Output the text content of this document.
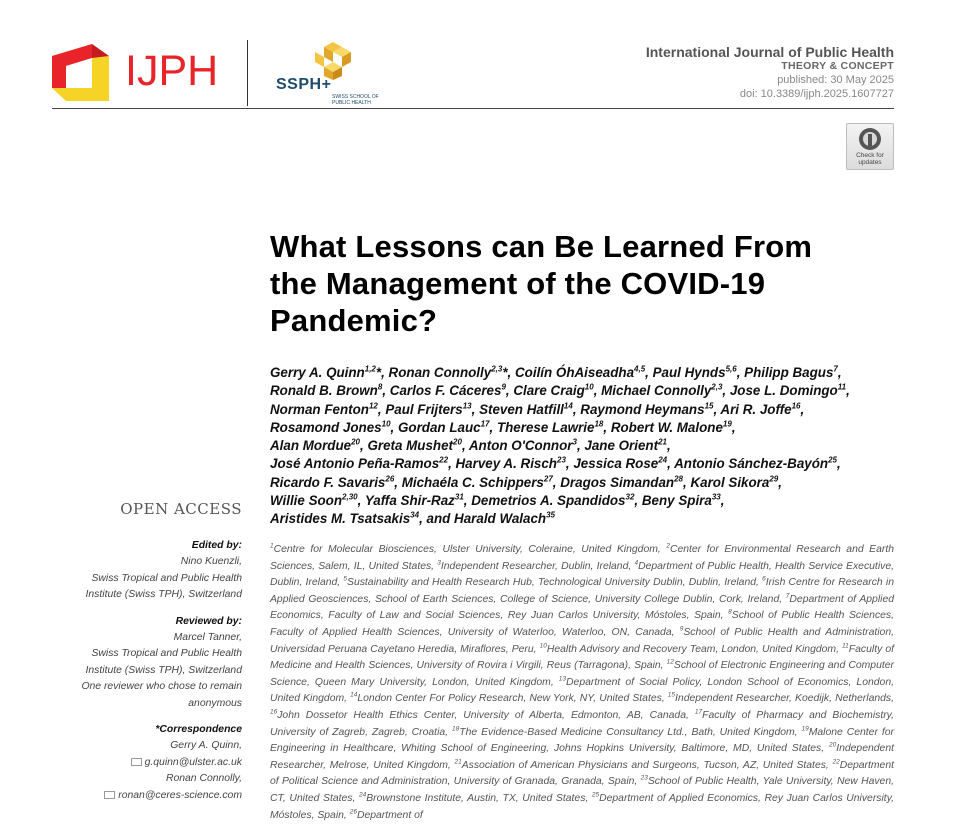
IJPH	SSPH+
SWISS SCHOOL OF PUBLIC HEALTH
International Journal of Public Health
THEORY & CONCEPT
published: 30 May 2025
doi: 10.3389/ijph.2025.1607727
Check for
updates
What Lessons can Be Learned From
the Management of the COVID-19
Pandemic?
Gerry A. Quinn$^{1,2}$*, Ronan Connolly$^{2,3}$*, Coilín ÓhAiseadha$^{4,5}$, Paul Hynds$^{5,6}$, Philipp Bagus$^7$,
Ronald B. Brown$^8$, Carlos F. Cáceres$^9$, Clare Craig$^{10}$, Michael Connolly$^{2,3}$, Jose L. Domingo$^{11}$,
Norman Fenton$^{12}$, Paul Frijters$^{13}$, Steven Hatfill$^{14}$, Raymond Heymans$^{15}$, Ari R. Joffe$^{16}$,
Rosamond Jones$^{10}$, Gordan Lauc$^{17}$, Therese Lawrie$^{18}$, Robert W. Malone$^{19}$,
Alan Mordue$^{20}$, Greta Mushet$^{20}$, Anton O'Connor$^3$, Jane Orient$^{21}$,
José Antonio Peña-Ramos$^{22}$, Harvey A. Risch$^{23}$, Jessica Rose$^{24}$, Antonio Sánchez-Bayón$^{25}$,
Ricardo F. Savaris$^{26}$, Michaéla C. Schippers$^{27}$, Dragos Simandan$^{28}$, Karol Sikora$^{29}$,
Willie Soon$^{2,30}$, Yaffa Shir-Raz$^{31}$, Demetrios A. Spandidos$^{32}$, Beny Spira$^{33}$,
Aristides M. Tsatsakis$^{34}$, and Harald Walach$^{35}$
OPEN ACCESS
Edited by:
Nino Kuenzli,
Swiss Tropical and Public Health
Institute (Swiss TPH), Switzerland
Reviewed by:
Marcel Tanner,
Swiss Tropical and Public Health
Institute (Swiss TPH), Switzerland
One reviewer who chose to remain
anonymous
*Correspondence
Gerry A. Quinn,
g.quinn@ulster.ac.uk
Ronan Connolly,
ronan@ceres-science.com
$^1$Centre for Molecular Biosciences, Ulster University, Coleraine, United Kingdom, $^2$Center for Environmental Research and Earth Sciences, Salem, IL, United States, $^3$Independent Researcher, Dublin, Ireland, $^4$Department of Public Health, Health Service Executive, Dublin, Ireland, $^5$Sustainability and Health Research Hub, Technological University Dublin, Dublin, Ireland, $^6$Irish Centre for Research in Applied Geosciences, School of Earth Sciences, College of Science, University College Dublin, Cork, Ireland, $^7$Department of Applied Economics, Faculty of Law and Social Sciences, Rey Juan Carlos University, Móstoles, Spain, $^8$School of Public Health Sciences, Faculty of Applied Health Sciences, University of Waterloo, Waterloo, ON, Canada, $^9$School of Public Health and Administration, Universidad Peruana Cayetano Heredia, Miraflores, Peru, $^{10}$Health Advisory and Recovery Team, London, United Kingdom, $^{11}$Faculty of Medicine and Health Sciences, University of Rovira i Virgili, Reus (Tarragona), Spain, $^{12}$School of Electronic Engineering and Computer Science, Queen Mary University, London, United Kingdom, $^{13}$Department of Social Policy, London School of Economics, London, United Kingdom, $^{14}$London Center For Policy Research, New York, NY, United States, $^{15}$Independent Researcher, Koedijk, Netherlands, $^{16}$John Dossetor Health Ethics Center, University of Alberta, Edmonton, AB, Canada, $^{17}$Faculty of Pharmacy and Biochemistry, University of Zagreb, Zagreb, Croatia, $^{18}$The Evidence-Based Medicine Consultancy Ltd., Bath, United Kingdom, $^{19}$Malone Center for Engineering in Healthcare, Whiting School of Engineering, Johns Hopkins University, Baltimore, MD, United States, $^{20}$Independent Researcher, Melrose, United Kingdom, $^{21}$Association of American Physicians and Surgeons, Tucson, AZ, United States, $^{22}$Department of Political Science and Administration, University of Granada, Granada, Spain, $^{23}$School of Public Health, Yale University, New Haven, CT, United States, $^{24}$Brownstone Institute, Austin, TX, United States, $^{25}$Department of Applied Economics, Rey Juan Carlos University, Móstoles, Spain, $^{26}$Department of
